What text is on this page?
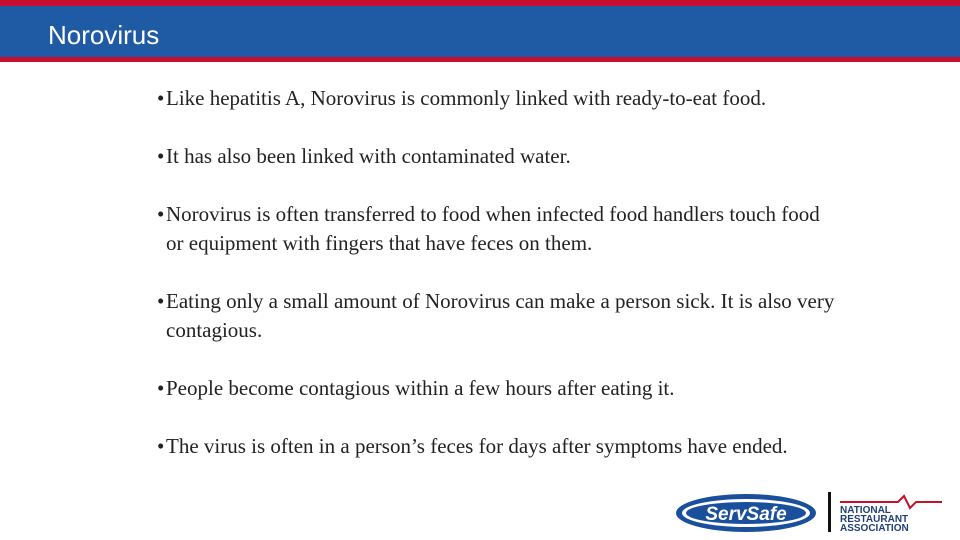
Norovirus
• Like hepatitis A, Norovirus is commonly linked with ready-to-eat food.
• It has also been linked with contaminated water.
• Norovirus is often transferred to food when infected food handlers touch food or equipment with fingers that have feces on them.
• Eating only a small amount of Norovirus can make a person sick. It is also very contagious.
• People become contagious within a few hours after eating it.
• The virus is often in a person’s feces for days after symptoms have ended.
ServSafe	NATIONAL
RESTAURANT
ASSOCIATION
